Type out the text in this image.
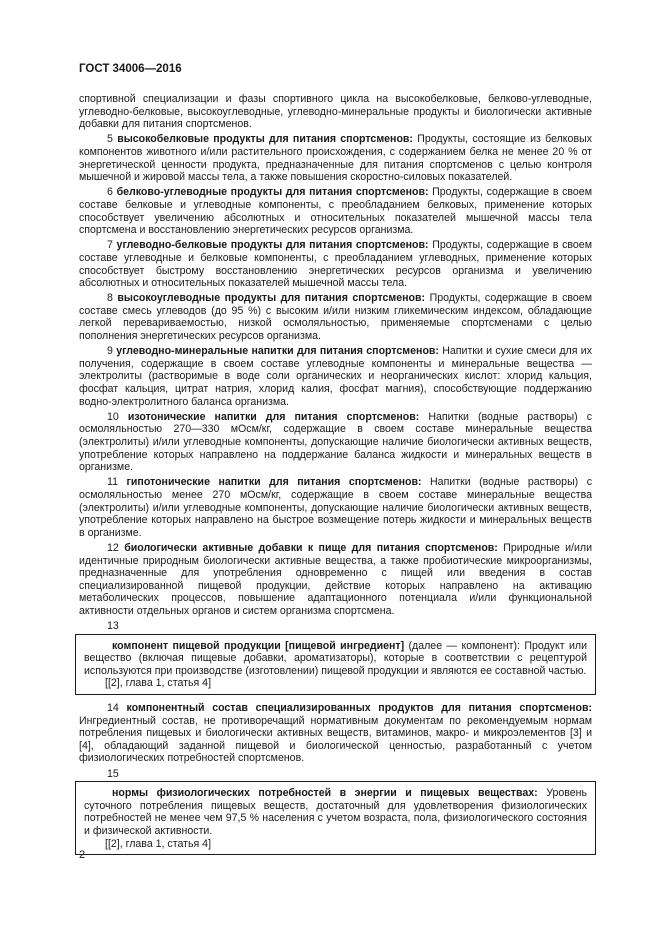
ГОСТ 34006—2016

спортивной специализации и фазы спортивного цикла на высокобелковые, белково-углеводные, углеводно-белковые, высокоуглеводные, углеводно-минеральные продукты и биологически активные добавки для питания спортсменов.

5 высокобелковые продукты для питания спортсменов: Продукты, состоящие из белковых компонентов животного и/или растительного происхождения, с содержанием белка не менее 20 % от энергетической ценности продукта, предназначенные для питания спортсменов с целью контроля мышечной и жировой массы тела, а также повышения скоростно-силовых показателей.

6 белково-углеводные продукты для питания спортсменов: Продукты, содержащие в своем составе белковые и углеводные компоненты, с преобладанием белковых, применение которых способствует увеличению абсолютных и относительных показателей мышечной массы тела спортсмена и восстановлению энергетических ресурсов организма.

7 углеводно-белковые продукты для питания спортсменов: Продукты, содержащие в своем составе углеводные и белковые компоненты, с преобладанием углеводных, применение которых способствует быстрому восстановлению энергетических ресурсов организма и увеличению абсолютных и относительных показателей мышечной массы тела.

8 высокоуглеводные продукты для питания спортсменов: Продукты, содержащие в своем составе смесь углеводов (до 95 %) с высоким и/или низким гликемическим индексом, обладающие легкой перевариваемостью, низкой осмоляльностью, применяемые спортсменами с целью пополнения энергетических ресурсов организма.

9 углеводно-минеральные напитки для питания спортсменов: Напитки и сухие смеси для их получения, содержащие в своем составе углеводные компоненты и минеральные вещества — электролиты (растворимые в воде соли органических и неорганических кислот: хлорид кальция, фосфат кальция, цитрат натрия, хлорид калия, фосфат магния), способствующие поддержанию водно-электролитного баланса организма.

10 изотонические напитки для питания спортсменов: Напитки (водные растворы) с осмоляльностью 270—330 мОсм/кг, содержащие в своем составе минеральные вещества (электролиты) и/или углеводные компоненты, допускающие наличие биологически активных веществ, употребление которых направлено на поддержание баланса жидкости и минеральных веществ в организме.

11 гипотонические напитки для питания спортсменов: Напитки (водные растворы) с осмоляльностью менее 270 мОсм/кг, содержащие в своем составе минеральные вещества (электролиты) и/или углеводные компоненты, допускающие наличие биологически активных веществ, употребление которых направлено на быстрое возмещение потерь жидкости и минеральных веществ в организме.

12 биологически активные добавки к пище для питания спортсменов: Природные и/или идентичные природным биологически активные вещества, а также пробиотические микроорганизмы, предназначенные для употребления одновременно с пищей или введения в состав специализированной пищевой продукции, действие которых направлено на активацию метаболических процессов, повышение адаптационного потенциала и/или функциональной активности отдельных органов и систем организма спортсмена.

13

компонент пищевой продукции [пищевой ингредиент] (далее — компонент): Продукт или вещество (включая пищевые добавки, ароматизаторы), которые в соответствии с рецептурой используются при производстве (изготовлении) пищевой продукции и являются ее составной частью.

[[2], глава 1, статья 4]

14 компонентный состав специализированных продуктов для питания спортсменов: Ингредиентный состав, не противоречащий нормативным документам по рекомендуемым нормам потребления пищевых и биологически активных веществ, витаминов, макро- и микроэлементов [3] и [4], обладающий заданной пищевой и биологической ценностью, разработанный с учетом физиологических потребностей спортсменов.

15

нормы физиологических потребностей в энергии и пищевых веществах: Уровень суточного потребления пищевых веществ, достаточный для удовлетворения физиологических потребностей не менее чем 97,5 % населения с учетом возраста, пола, физиологического состояния и физической активности.

[[2], глава 1, статья 4]
2
